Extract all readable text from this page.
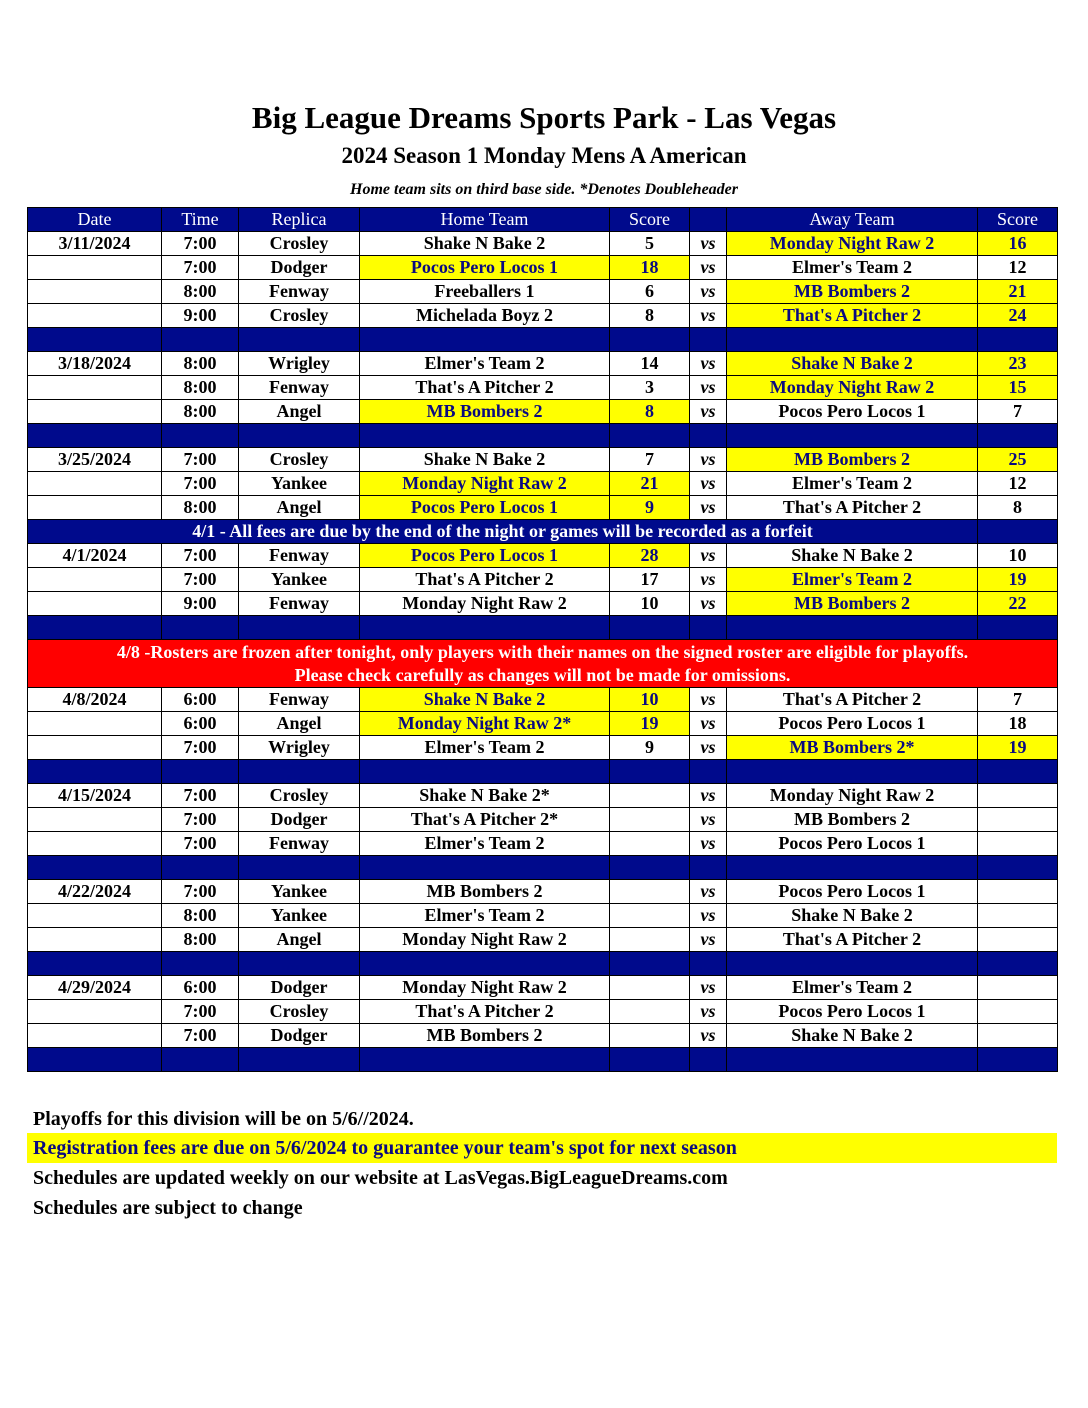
Big League Dreams Sports Park - Las Vegas
2024 Season 1 Monday Mens A American
Home team sits on third base side. *Denotes Doubleheader
Date	Time	Replica	Home Team	Score		Away Team	Score
3/11/2024	7:00	Crosley	Shake N Bake 2	5	vs	Monday Night Raw 2	16
	7:00	Dodger	Pocos Pero Locos 1	18	vs	Elmer's Team 2	12
	8:00	Fenway	Freeballers 1	6	vs	MB Bombers 2	21
	9:00	Crosley	Michelada Boyz 2	8	vs	That's A Pitcher 2	24

3/18/2024	8:00	Wrigley	Elmer's Team 2	14	vs	Shake N Bake 2	23
	8:00	Fenway	That's A Pitcher 2	3	vs	Monday Night Raw 2	15
	8:00	Angel	MB Bombers 2	8	vs	Pocos Pero Locos 1	7

3/25/2024	7:00	Crosley	Shake N Bake 2	7	vs	MB Bombers 2	25
	7:00	Yankee	Monday Night Raw 2	21	vs	Elmer's Team 2	12
	8:00	Angel	Pocos Pero Locos 1	9	vs	That's A Pitcher 2	8
4/1 - All fees are due by the end of the night or games will be recorded as a forfeit							
4/1/2024	7:00	Fenway	Pocos Pero Locos 1	28	vs	Shake N Bake 2	10
	7:00	Yankee	That's A Pitcher 2	17	vs	Elmer's Team 2	19
	9:00	Fenway	Monday Night Raw 2	10	vs	MB Bombers 2	22

4/8 -Rosters are frozen after tonight, only players with their names on the signed roster are eligible for playoffs.
Please check carefully as changes will not be made for omissions.							

4/8/2024	6:00	Fenway	Shake N Bake 2	10	vs	That's A Pitcher 2	7
	6:00	Angel	Monday Night Raw 2*	19	vs	Pocos Pero Locos 1	18
	7:00	Wrigley	Elmer's Team 2	9	vs	MB Bombers 2*	19

4/15/2024	7:00	Crosley	Shake N Bake 2*		vs	Monday Night Raw 2	
	7:00	Dodger	That's A Pitcher 2*		vs	MB Bombers 2	
	7:00	Fenway	Elmer's Team 2		vs	Pocos Pero Locos 1	

4/22/2024	7:00	Yankee	MB Bombers 2		vs	Pocos Pero Locos 1	
	8:00	Yankee	Elmer's Team 2		vs	Shake N Bake 2	
	8:00	Angel	Monday Night Raw 2		vs	That's A Pitcher 2	

4/29/2024	6:00	Dodger	Monday Night Raw 2		vs	Elmer's Team 2	
	7:00	Crosley	That's A Pitcher 2		vs	Pocos Pero Locos 1	
	7:00	Dodger	MB Bombers 2		vs	Shake N Bake 2	

Playoffs for this division will be on 5/6//2024.
Registration fees are due on 5/6/2024 to guarantee your team's spot for next season
Schedules are updated weekly on our website at LasVegas.BigLeagueDreams.com
Schedules are subject to change
